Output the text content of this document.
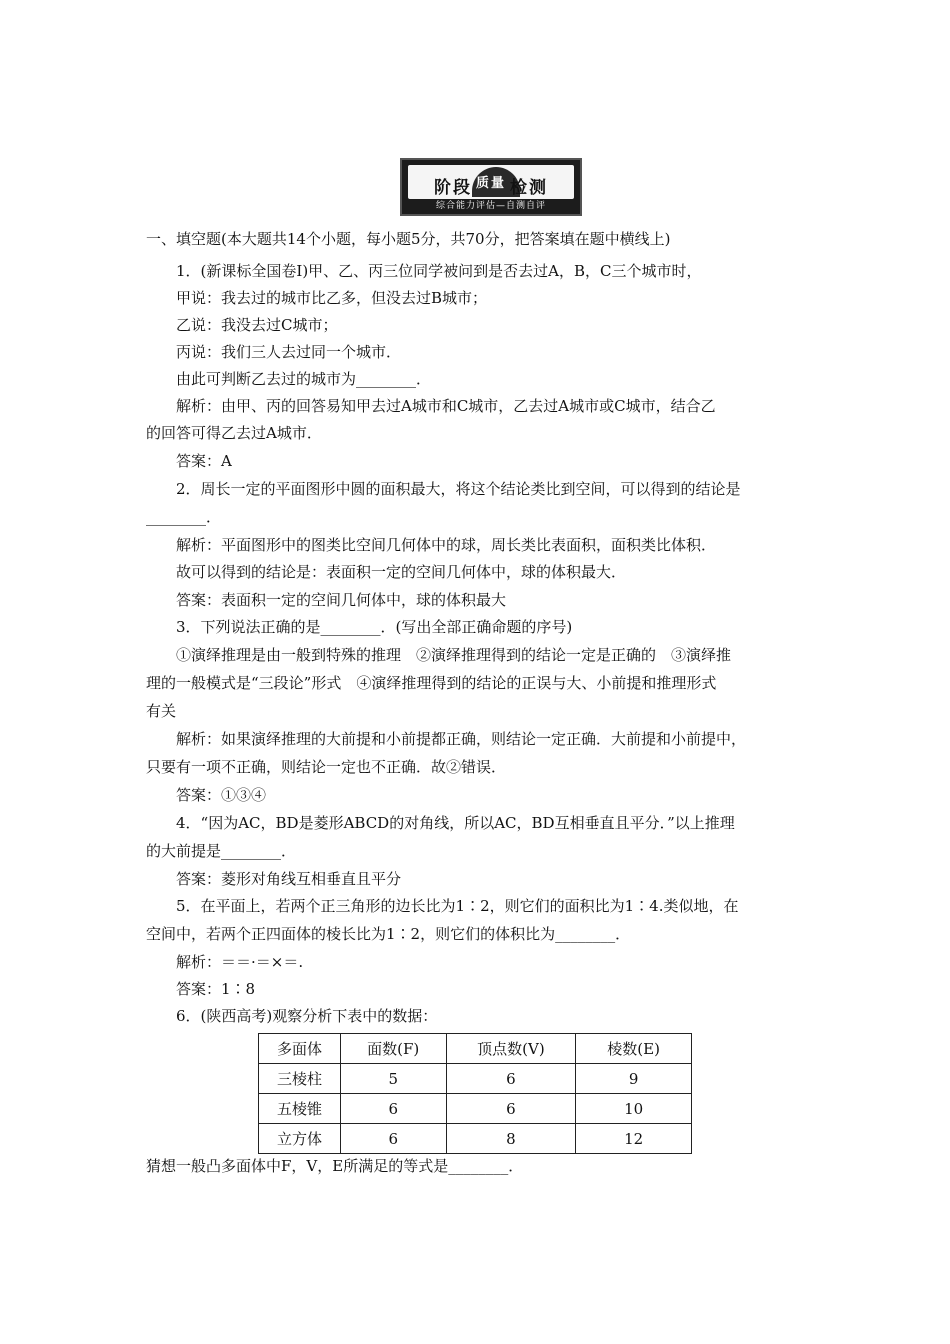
阶段 $^{质量}$ 检测
综合能力评估—自测自评
一、填空题(本大题共14个小题，每小题5分，共70分，把答案填在题中横线上)
1．(新课标全国卷Ⅰ)甲、乙、丙三位同学被问到是否去过A，B，C三个城市时，
甲说：我去过的城市比乙多，但没去过B城市；
乙说：我没去过C城市；
丙说：我们三人去过同一个城市．
由此可判断乙去过的城市为________．
解析：由甲、丙的回答易知甲去过A城市和C城市，乙去过A城市或C城市，结合乙
的回答可得乙去过A城市．
答案：A
2．周长一定的平面图形中圆的面积最大，将这个结论类比到空间，可以得到的结论是
________．
解析：平面图形中的图类比空间几何体中的球，周长类比表面积，面积类比体积．
故可以得到的结论是：表面积一定的空间几何体中，球的体积最大．
答案：表面积一定的空间几何体中，球的体积最大
3．下列说法正确的是________．(写出全部正确命题的序号)
①演绎推理是由一般到特殊的推理　②演绎推理得到的结论一定是正确的　③演绎推
理的一般模式是“三段论”形式　④演绎推理得到的结论的正误与大、小前提和推理形式
有关
解析：如果演绎推理的大前提和小前提都正确，则结论一定正确．大前提和小前提中，
只要有一项不正确，则结论一定也不正确．故②错误．
答案：①③④
4．“因为AC，BD是菱形ABCD的对角线，所以AC，BD互相垂直且平分．”以上推理
的大前提是________．
答案：菱形对角线互相垂直且平分
5．在平面上，若两个正三角形的边长比为1∶2，则它们的面积比为1∶4.类似地，在
空间中，若两个正四面体的棱长比为1∶2，则它们的体积比为________．
解析：＝＝·＝×＝.
答案：1∶8
6．(陕西高考)观察分析下表中的数据：
多面体	面数(F)	顶点数(V)	棱数(E)
三棱柱	5	6	9
五棱锥	6	6	10
立方体	6	8	12
猜想一般凸多面体中F，V，E所满足的等式是________．
